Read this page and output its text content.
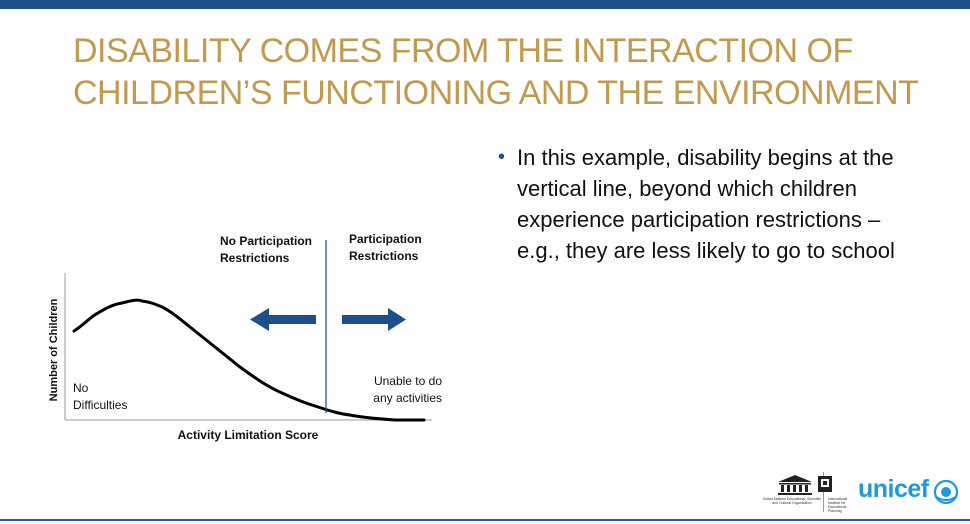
DISABILITY COMES FROM THE INTERACTION OF
CHILDREN’S FUNCTIONING AND THE ENVIRONMENT
• In this example, disability begins at the vertical line, beyond which children experience participation restrictions – e.g., they are less likely to go to school
Number of Children
Activity Limitation Score
No Participation
Restrictions
Participation
Restrictions
No
Difficulties
Unable to do
any activities
United Nations Educational, Scientific and Cultural Organization
International Institute for Educational Planning
unicef
